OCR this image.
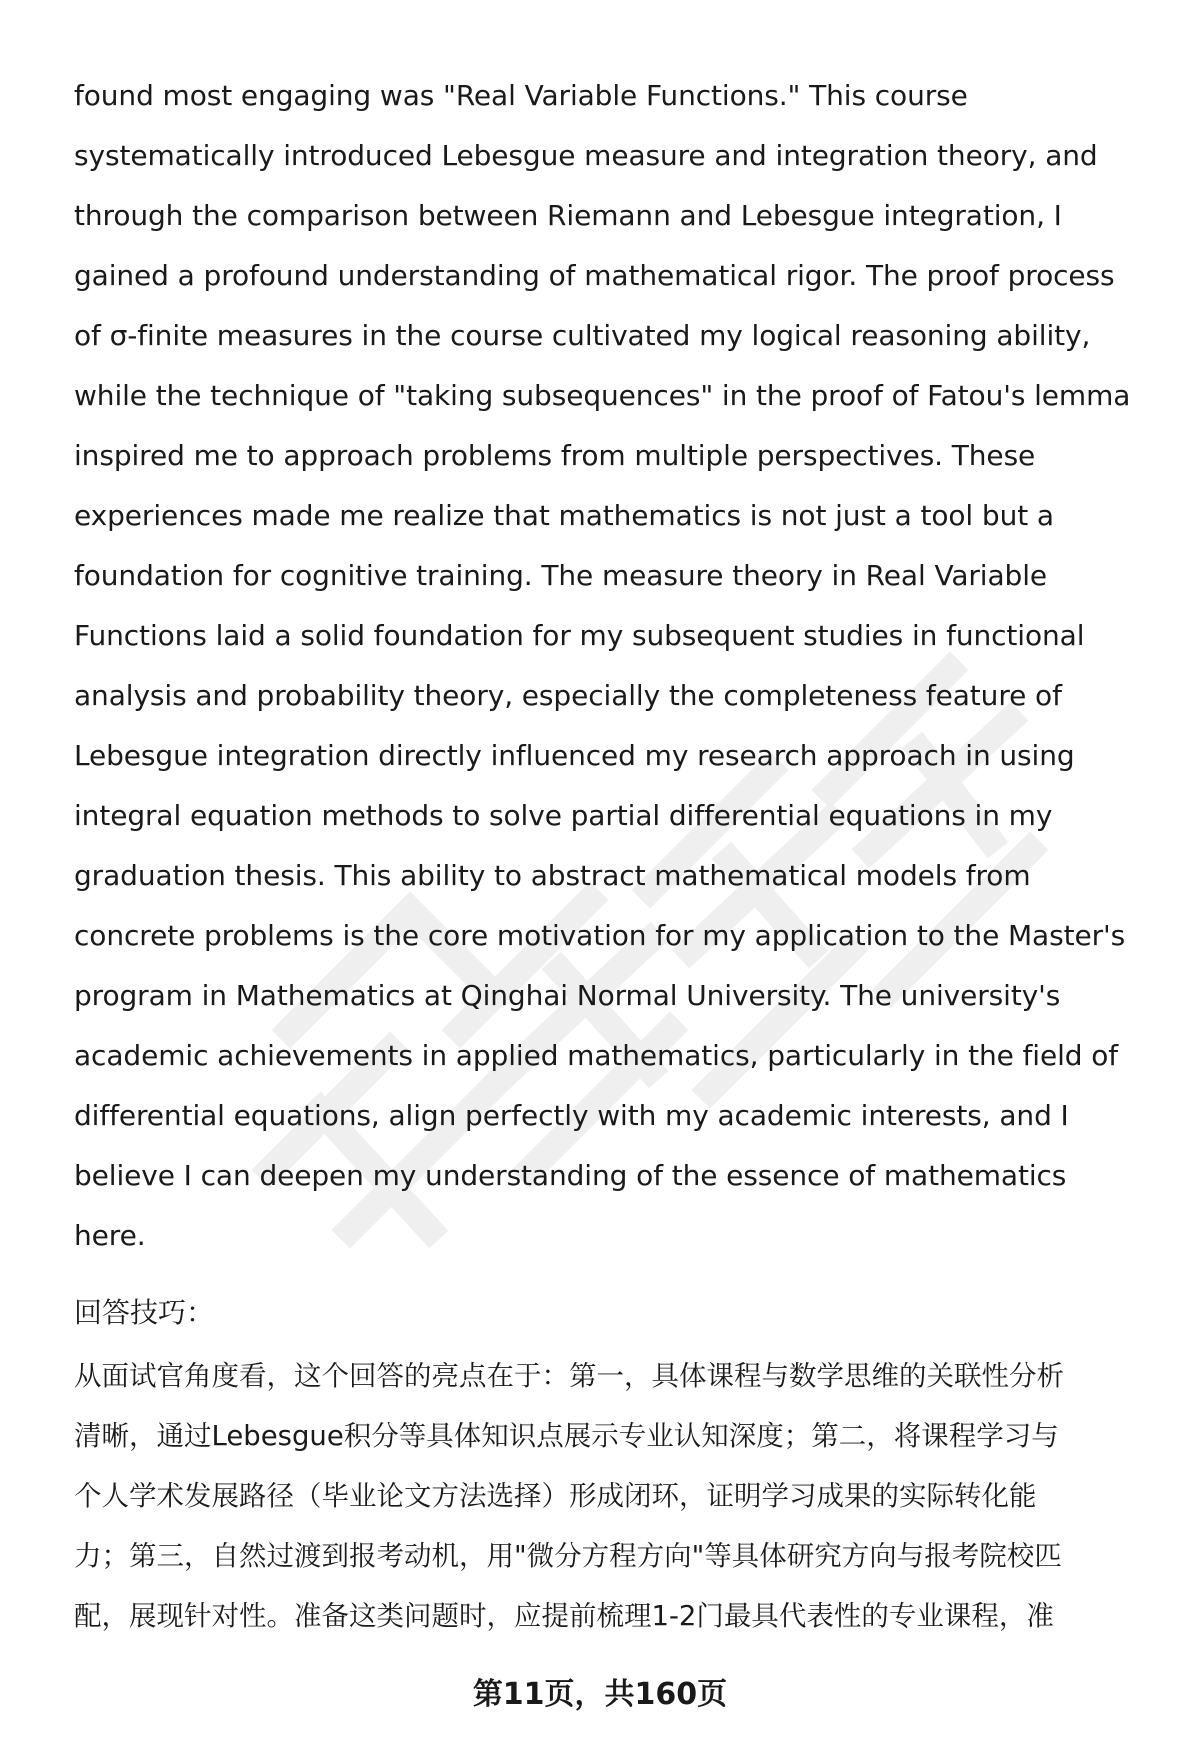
found most engaging was "Real Variable Functions." This course
systematically introduced Lebesgue measure and integration theory, and
through the comparison between Riemann and Lebesgue integration, I
gained a profound understanding of mathematical rigor. The proof process
of σ-finite measures in the course cultivated my logical reasoning ability,
while the technique of "taking subsequences" in the proof of Fatou's lemma
inspired me to approach problems from multiple perspectives. These
experiences made me realize that mathematics is not just a tool but a
foundation for cognitive training. The measure theory in Real Variable
Functions laid a solid foundation for my subsequent studies in functional
analysis and probability theory, especially the completeness feature of
Lebesgue integration directly influenced my research approach in using
integral equation methods to solve partial differential equations in my
graduation thesis. This ability to abstract mathematical models from
concrete problems is the core motivation for my application to the Master's
program in Mathematics at Qinghai Normal University. The university's
academic achievements in applied mathematics, particularly in the field of
differential equations, align perfectly with my academic interests, and I
believe I can deepen my understanding of the essence of mathematics
here.
回答技巧：
从面试官角度看，这个回答的亮点在于：第一，具体课程与数学思维的关联性分析
清晰，通过Lebesgue积分等具体知识点展示专业认知深度；第二，将课程学习与
个人学术发展路径（毕业论文方法选择）形成闭环，证明学习成果的实际转化能
力；第三，自然过渡到报考动机，用"微分方程方向"等具体研究方向与报考院校匹
配，展现针对性。准备这类问题时，应提前梳理1-2门最具代表性的专业课程，准
第11页，共160页
